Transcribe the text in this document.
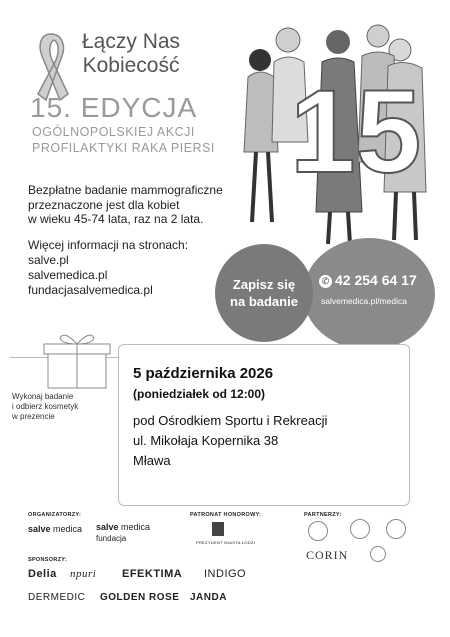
Łączy Nas
Kobiecość
15. EDYCJA
OGÓLNOPOLSKIEJ AKCJI
PROFILAKTYKI RAKA PIERSI 15
Bezpłatne badanie mammograficzne
przeznaczone jest dla kobiet
w wieku 45-74 lata, raz na 2 lata.
Więcej informacji na stronach:
salve.pl
salvemedica.pl
fundacjasalvemedica.pl
✆ 42 254 64 17
salvemedica.pl/medica
Zapisz się
na badanie
Wykonaj badanie
i odbierz kosmetyk
w prezencie
5 października 2026
(poniedziałek od 12:00)
pod Ośrodkiem Sportu i Rekreacji
ul. Mikołaja Kopernika 38
Mława
ORGANIZATORZY:
salve medica salve medica
fundacja
PATRONAT HONOROWY:
PREZYDENT MIASTA ŁODZI
PARTNERZY:
CORIN
SPONSORZY:
Delia npuri EFEKTIMA INDIGO
DERMEDIC GOLDEN ROSE JANDA
